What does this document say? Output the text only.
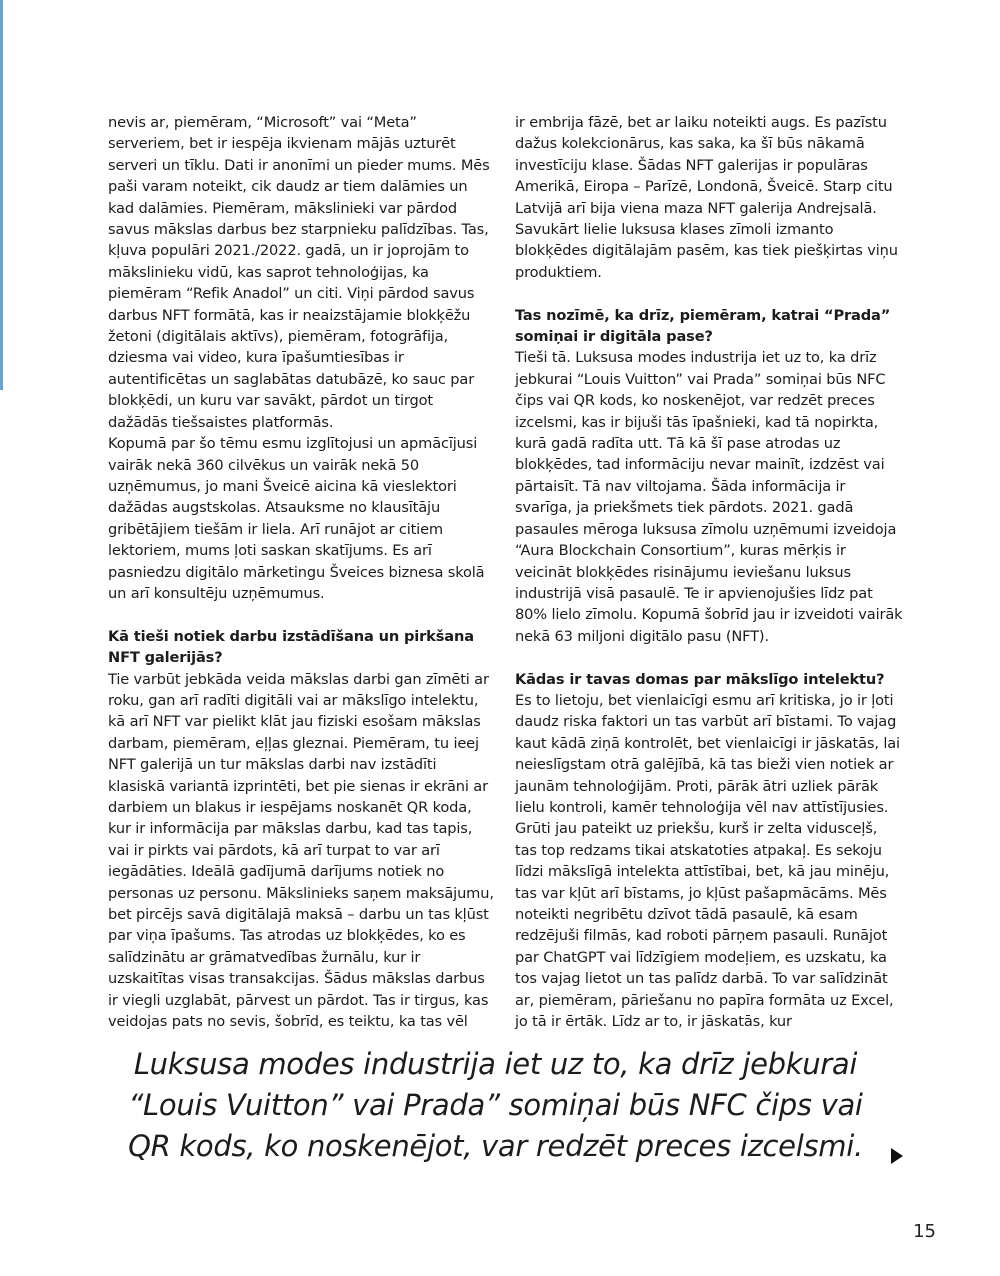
nevis ar, piemēram, “Microsoft” vai “Meta” serveriem, bet ir iespēja ikvienam mājās uzturēt serveri un tīklu. Dati ir anonīmi un pieder mums. Mēs paši varam noteikt, cik daudz ar tiem dalāmies un kad dalāmies. Piemēram, mākslinieki var pārdod savus mākslas darbus bez starpnieku palīdzības. Tas, kļuva populāri 2021./2022. gadā, un ir joprojām to mākslinieku vidū, kas saprot tehnoloģijas, ka piemēram “Refik Anadol” un citi. Viņi pārdod savus darbus NFT formātā, kas ir neaizstājamie blokķēžu žetoni (digitālais aktīvs), piemēram, fotogrāfija, dziesma vai video, kura īpašumtiesības ir autentificētas un saglabātas datubāzē, ko sauc par blokķēdi, un kuru var savākt, pārdot un tirgot dažādās tiešsaistes platformās.

Kopumā par šo tēmu esmu izglītojusi un apmācījusi vairāk nekā 360 cilvēkus un vairāk nekā 50 uzņēmumus, jo mani Šveicē aicina kā vieslektori dažādas augstskolas. Atsauksme no klausītāju gribētājiem tiešām ir liela. Arī runājot ar citiem lektoriem, mums ļoti saskan skatījums. Es arī pasniedzu digitālo mārketingu Šveices biznesa skolā un arī konsultēju uzņēmumus.

Kā tieši notiek darbu izstādīšana un pirkšana NFT galerijās?

Tie varbūt jebkāda veida mākslas darbi gan zīmēti ar roku, gan arī radīti digitāli vai ar mākslīgo intelektu, kā arī NFT var pielikt klāt jau fiziski esošam mākslas darbam, piemēram, eļļas gleznai. Piemēram, tu ieej NFT galerijā un tur mākslas darbi nav izstādīti klasiskā variantā izprintēti, bet pie sienas ir ekrāni ar darbiem un blakus ir iespējams noskanēt QR koda, kur ir informācija par mākslas darbu, kad tas tapis, vai ir pirkts vai pārdots, kā arī turpat to var arī iegādāties. Ideālā gadījumā darījums notiek no personas uz personu. Mākslinieks saņem maksājumu, bet pircējs savā digitālajā maksā – darbu un tas kļūst par viņa īpašums. Tas atrodas uz blokķēdes, ko es salīdzinātu ar grāmatvedības žurnālu, kur ir uzskaitītas visas transakcijas. Šādus mākslas darbus ir viegli uzglabāt, pārvest un pārdot. Tas ir tirgus, kas veidojas pats no sevis, šobrīd, es teiktu, ka tas vēl

ir embrija fāzē, bet ar laiku noteikti augs. Es pazīstu dažus kolekcionārus, kas saka, ka šī būs nākamā investīciju klase. Šādas NFT galerijas ir populāras Amerikā, Eiropa – Parīzē, Londonā, Šveicē. Starp citu Latvijā arī bija viena maza NFT galerija Andrejsalā. Savukārt lielie luksusa klases zīmoli izmanto blokķēdes digitālajām pasēm, kas tiek piešķirtas viņu produktiem.

Tas nozīmē, ka drīz, piemēram, katrai “Prada” somiņai ir digitāla pase?

Tieši tā. Luksusa modes industrija iet uz to, ka drīz jebkurai “Louis Vuitton” vai Prada” somiņai būs NFC čips vai QR kods, ko noskenējot, var redzēt preces izcelsmi, kas ir bijuši tās īpašnieki, kad tā nopirkta, kurā gadā radīta utt. Tā kā šī pase atrodas uz blokķēdes, tad informāciju nevar mainīt, izdzēst vai pārtaisīt. Tā nav viltojama. Šāda informācija ir svarīga, ja priekšmets tiek pārdots. 2021. gadā pasaules mēroga luksusa zīmolu uzņēmumi izveidoja “Aura Blockchain Consortium”, kuras mērķis ir veicināt blokķēdes risinājumu ieviešanu luksus industrijā visā pasaulē. Te ir apvienojušies līdz pat 80% lielo zīmolu. Kopumā šobrīd jau ir izveidoti vairāk nekā 63 miljoni digitālo pasu (NFT).

Kādas ir tavas domas par mākslīgo intelektu?

Es to lietoju, bet vienlaicīgi esmu arī kritiska, jo ir ļoti daudz riska faktori un tas varbūt arī bīstami. To vajag kaut kādā ziņā kontrolēt, bet vienlaicīgi ir jāskatās, lai neieslīgstam otrā galējībā, kā tas bieži vien notiek ar jaunām tehnoloģijām. Proti, pārāk ātri uzliek pārāk lielu kontroli, kamēr tehnoloģija vēl nav attīstījusies. Grūti jau pateikt uz priekšu, kurš ir zelta vidusceļš, tas top redzams tikai atskatoties atpakaļ. Es sekoju līdzi mākslīgā intelekta attīstībai, bet, kā jau minēju, tas var kļūt arī bīstams, jo kļūst pašapmācāms. Mēs noteikti negribētu dzīvot tādā pasaulē, kā esam redzējuši filmās, kad roboti pārņem pasauli. Runājot par ChatGPT vai līdzīgiem modeļiem, es uzskatu, ka tos vajag lietot un tas palīdz darbā. To var salīdzināt ar, piemēram, pāriešanu no papīra formāta uz Excel, jo tā ir ērtāk. Līdz ar to, ir jāskatās, kur

Luksusa modes industrija iet uz to, ka drīz jebkurai “Louis Vuitton” vai Prada” somiņai būs NFC čips vai QR kods, ko noskenējot, var redzēt preces izcelsmi.
15
